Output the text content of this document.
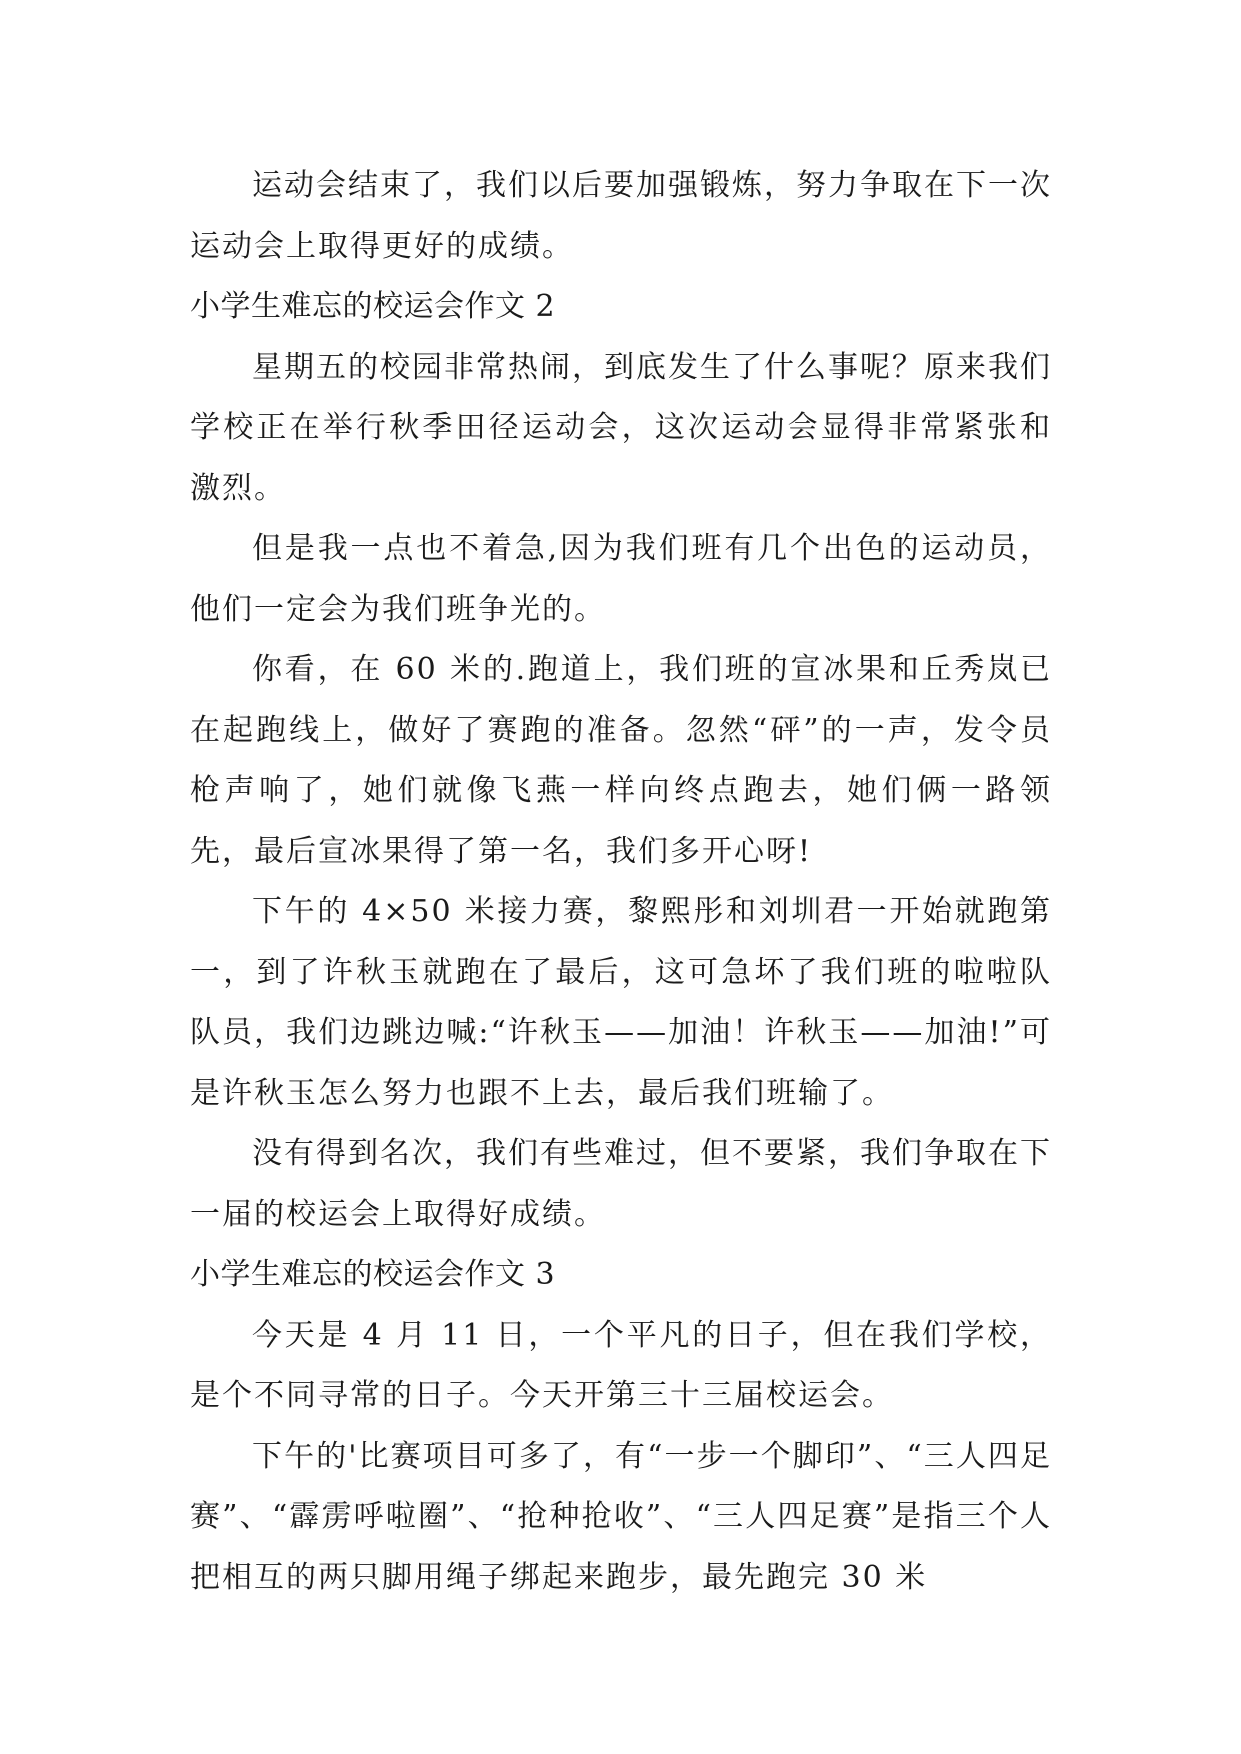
运动会结束了，我们以后要加强锻炼，努力争取在下一次运动会上取得更好的成绩。

小学生难忘的校运会作文 2

星期五的校园非常热闹，到底发生了什么事呢？原来我们学校正在举行秋季田径运动会，这次运动会显得非常紧张和激烈。

但是我一点也不着急,因为我们班有几个出色的运动员，他们一定会为我们班争光的。

你看，在 60 米的.跑道上，我们班的宣冰果和丘秀岚已在起跑线上，做好了赛跑的准备。忽然“砰”的一声，发令员枪声响了，她们就像飞燕一样向终点跑去，她们俩一路领先，最后宣冰果得了第一名，我们多开心呀!

下午的 4×50 米接力赛，黎熙彤和刘圳君一开始就跑第一，到了许秋玉就跑在了最后，这可急坏了我们班的啦啦队队员，我们边跳边喊:“许秋玉——加油！许秋玉——加油!”可是许秋玉怎么努力也跟不上去，最后我们班输了。

没有得到名次，我们有些难过，但不要紧，我们争取在下一届的校运会上取得好成绩。

小学生难忘的校运会作文 3

今天是 4 月 11 日，一个平凡的日子，但在我们学校，是个不同寻常的日子。今天开第三十三届校运会。

下午的'比赛项目可多了，有“一步一个脚印”、“三人四足赛”、“霹雳呼啦圈”、“抢种抢收”、“三人四足赛”是指三个人把相互的两只脚用绳子绑起来跑步，最先跑完 30 米
